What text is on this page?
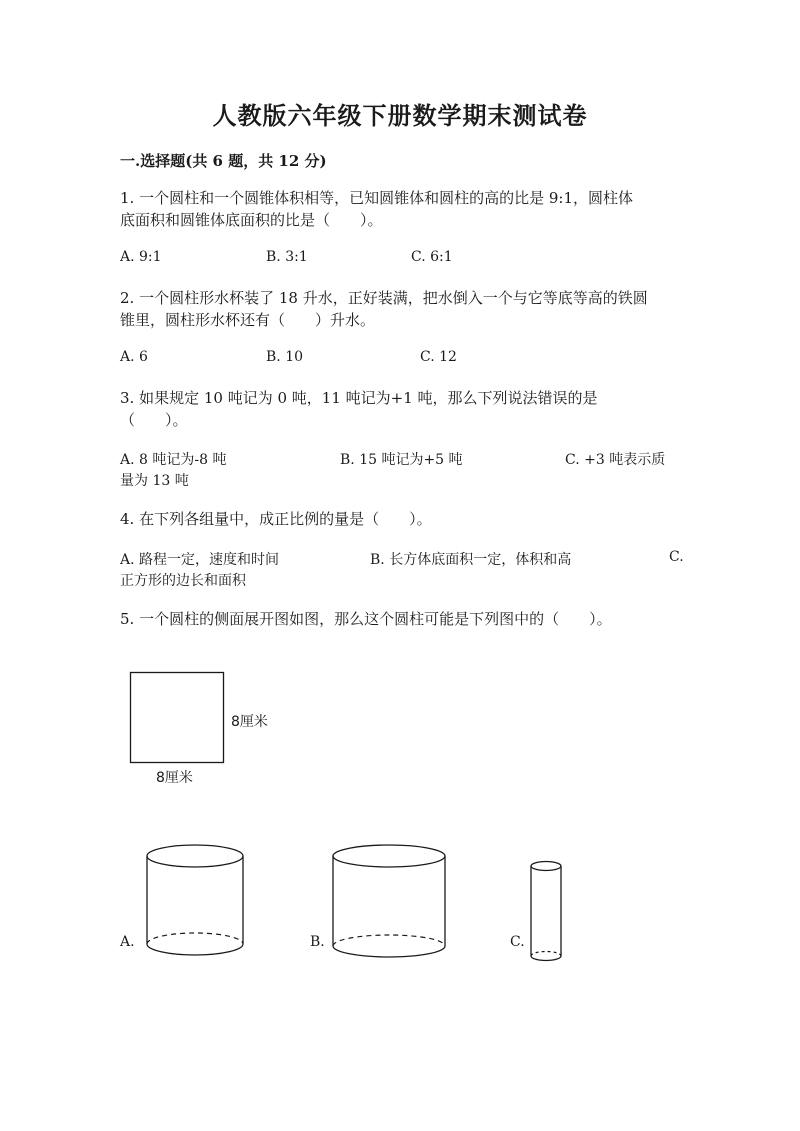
人教版六年级下册数学期末测试卷
一.选择题(共 6 题，共 12 分)
1. 一个圆柱和一个圆锥体积相等，已知圆锥体和圆柱的高的比是 9:1，圆柱体
底面积和圆锥体底面积的比是（　　）。
A. 9:1	B. 3:1	C. 6:1
2. 一个圆柱形水杯装了 18 升水，正好装满，把水倒入一个与它等底等高的铁圆
锥里，圆柱形水杯还有（　　）升水。
A. 6	B. 10	C. 12
3. 如果规定 10 吨记为 0 吨，11 吨记为+1 吨，那么下列说法错误的是
（　　）。
A. 8 吨记为-8 吨	B. 15 吨记为+5 吨	C. +3 吨表示质
量为 13 吨
4. 在下列各组量中，成正比例的量是（　　）。
A. 路程一定，速度和时间	B. 长方体底面积一定，体积和高	C.
正方形的边长和面积
5. 一个圆柱的侧面展开图如图，那么这个圆柱可能是下列图中的（　　）。
8厘米
8厘米
A.	B.	C.
